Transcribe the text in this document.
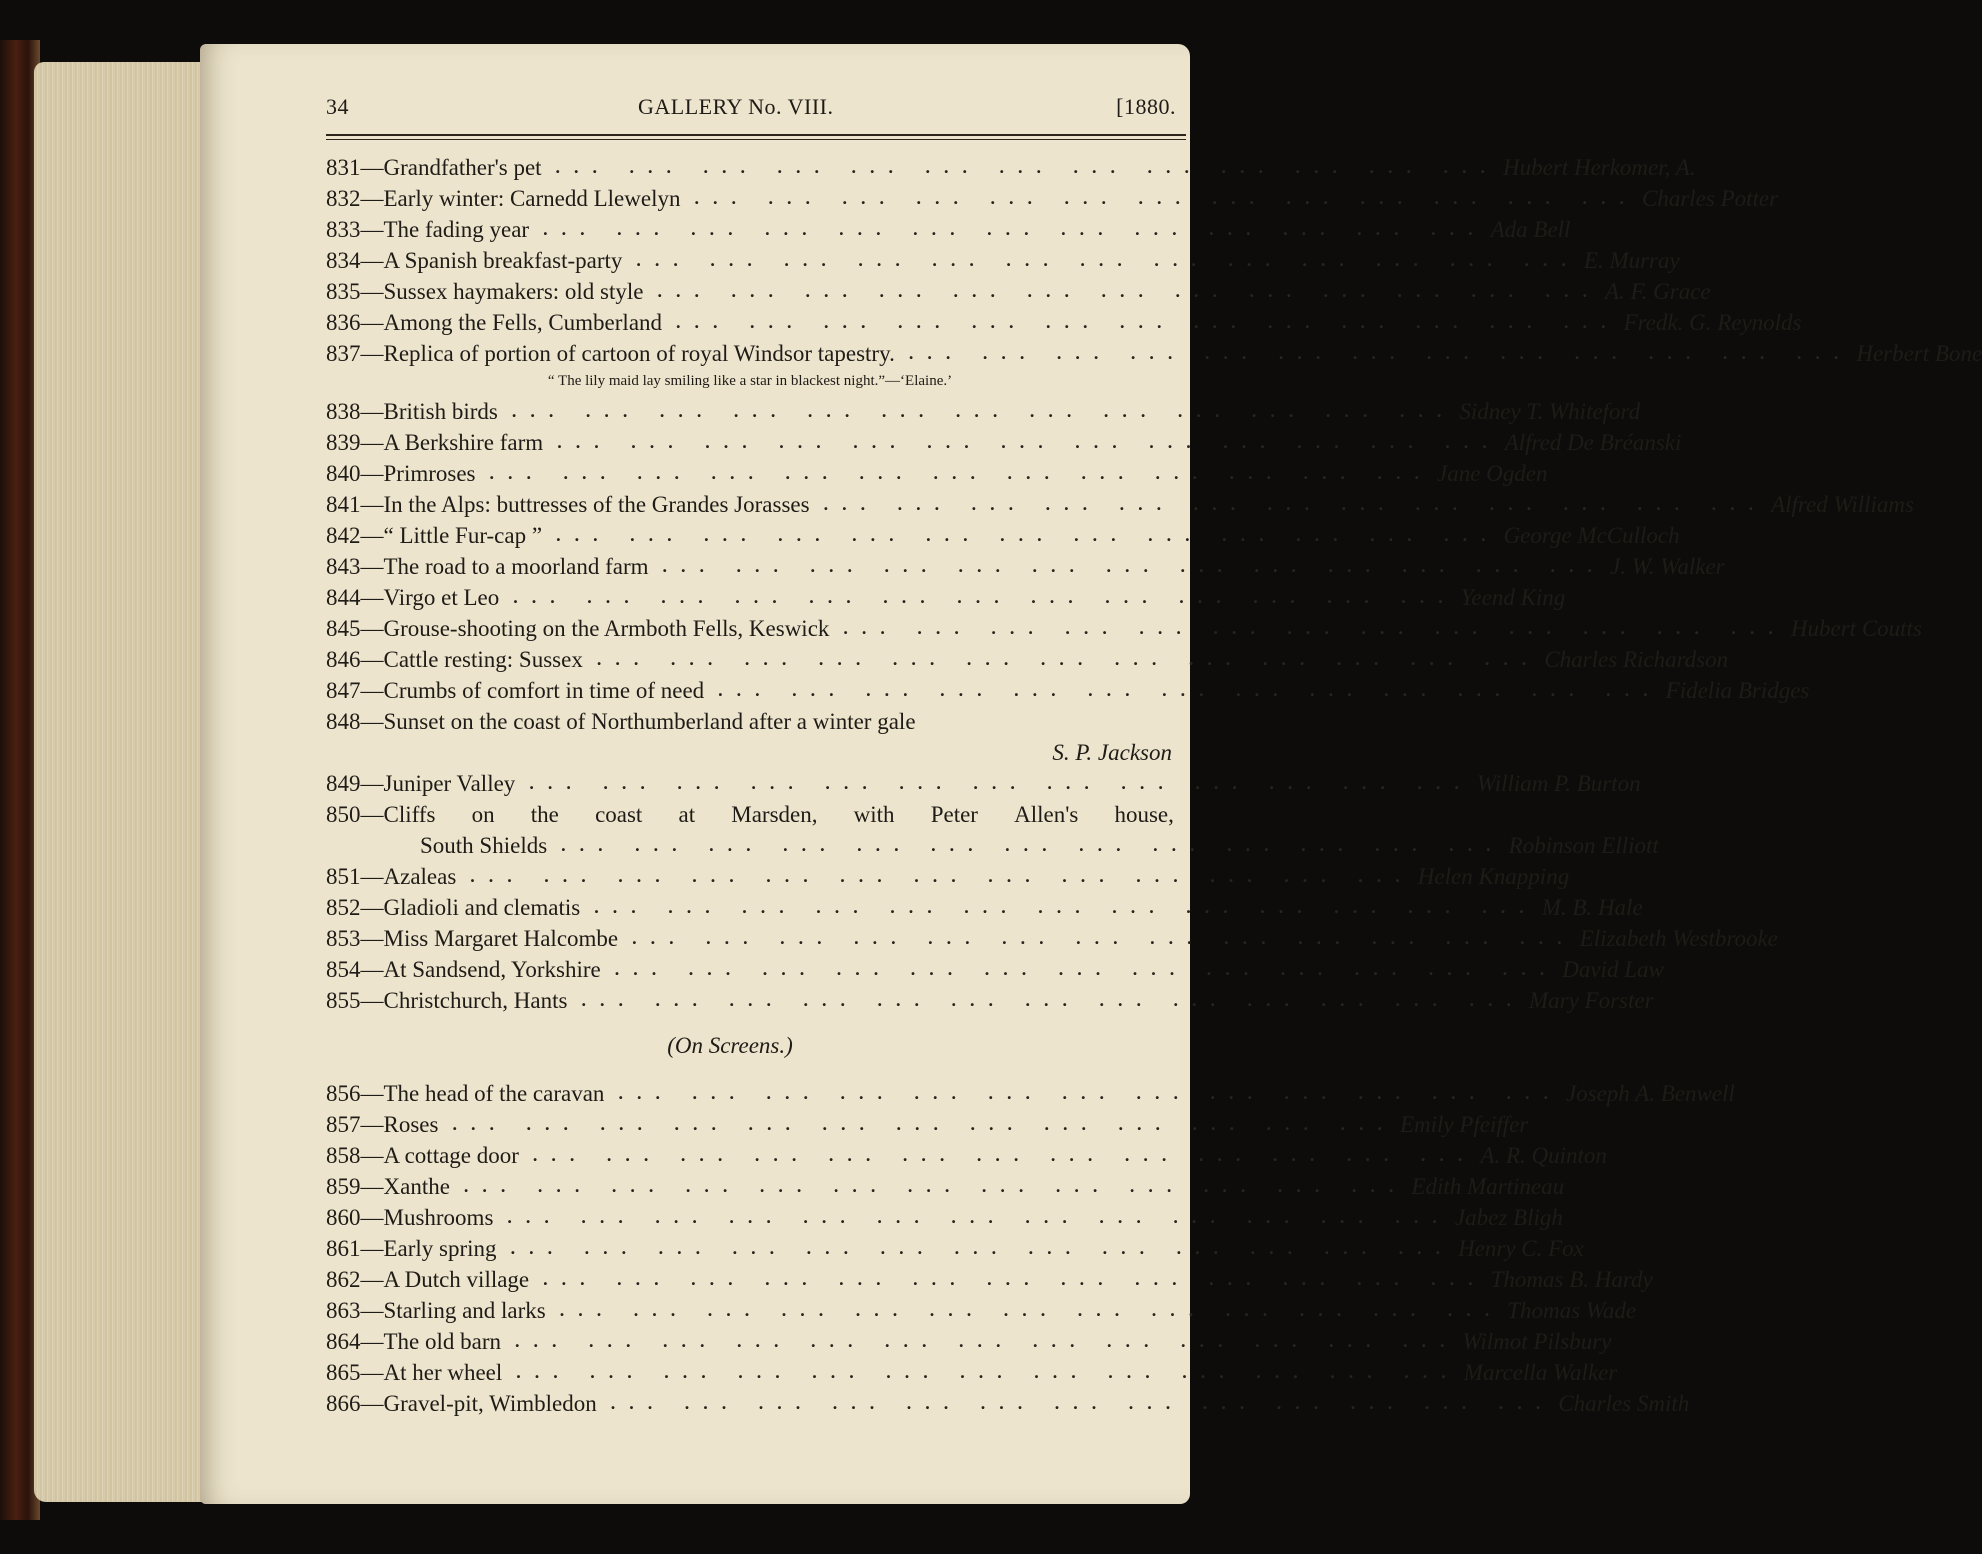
34	GALLERY No. VIII.	[1880.
831—Grandfather's pet ... ... ... ... ... ... ... ... ... ... ... ... ... Hubert Herkomer, A.
832—Early winter: Carnedd Llewelyn ... ... ... ... ... ... ... ... ... ... ... ... ... Charles Potter
833—The fading year ... ... ... ... ... ... ... ... ... ... ... ... ... Ada Bell
834—A Spanish breakfast-party ... ... ... ... ... ... ... ... ... ... ... ... ... E. Murray
835—Sussex haymakers: old style ... ... ... ... ... ... ... ... ... ... ... ... ... A. F. Grace
836—Among the Fells, Cumberland ... ... ... ... ... ... ... ... ... ... ... ... ... Fredk. G. Reynolds
837—Replica of portion of cartoon of royal Windsor tapestry. ... ... ... ... ... ... ... ... ... ... ... ... ... Herbert Bone
“ The lily maid lay smiling like a star in blackest night.”—‘Elaine.’
838—British birds ... ... ... ... ... ... ... ... ... ... ... ... ... Sidney T. Whiteford
839—A Berkshire farm ... ... ... ... ... ... ... ... ... ... ... ... ... Alfred De Bréanski
840—Primroses ... ... ... ... ... ... ... ... ... ... ... ... ... Jane Ogden
841—In the Alps: buttresses of the Grandes Jorasses ... ... ... ... ... ... ... ... ... ... ... ... ... Alfred Williams
842—“ Little Fur-cap ” ... ... ... ... ... ... ... ... ... ... ... ... ... George McCulloch
843—The road to a moorland farm ... ... ... ... ... ... ... ... ... ... ... ... ... J. W. Walker
844—Virgo et Leo ... ... ... ... ... ... ... ... ... ... ... ... ... Yeend King
845—Grouse-shooting on the Armboth Fells, Keswick ... ... ... ... ... ... ... ... ... ... ... ... ... Hubert Coutts
846—Cattle resting: Sussex ... ... ... ... ... ... ... ... ... ... ... ... ... Charles Richardson
847—Crumbs of comfort in time of need ... ... ... ... ... ... ... ... ... ... ... ... ... Fidelia Bridges
848—Sunset on the coast of Northumberland after a winter gale
S. P. Jackson
849—Juniper Valley ... ... ... ... ... ... ... ... ... ... ... ... ... William P. Burton
850—Cliffs on the coast at Marsden, with Peter Allen's house,
South Shields ... ... ... ... ... ... ... ... ... ... ... ... ... Robinson Elliott
851—Azaleas ... ... ... ... ... ... ... ... ... ... ... ... ... Helen Knapping
852—Gladioli and clematis ... ... ... ... ... ... ... ... ... ... ... ... ... M. B. Hale
853—Miss Margaret Halcombe ... ... ... ... ... ... ... ... ... ... ... ... ... Elizabeth Westbrooke
854—At Sandsend, Yorkshire ... ... ... ... ... ... ... ... ... ... ... ... ... David Law
855—Christchurch, Hants ... ... ... ... ... ... ... ... ... ... ... ... ... Mary Forster
(On Screens.)
856—The head of the caravan ... ... ... ... ... ... ... ... ... ... ... ... ... Joseph A. Benwell
857—Roses ... ... ... ... ... ... ... ... ... ... ... ... ... Emily Pfeiffer
858—A cottage door ... ... ... ... ... ... ... ... ... ... ... ... ... A. R. Quinton
859—Xanthe ... ... ... ... ... ... ... ... ... ... ... ... ... Edith Martineau
860—Mushrooms ... ... ... ... ... ... ... ... ... ... ... ... ... Jabez Bligh
861—Early spring ... ... ... ... ... ... ... ... ... ... ... ... ... Henry C. Fox
862—A Dutch village ... ... ... ... ... ... ... ... ... ... ... ... ... Thomas B. Hardy
863—Starling and larks ... ... ... ... ... ... ... ... ... ... ... ... ... Thomas Wade
864—The old barn ... ... ... ... ... ... ... ... ... ... ... ... ... Wilmot Pilsbury
865—At her wheel ... ... ... ... ... ... ... ... ... ... ... ... ... Marcella Walker
866—Gravel-pit, Wimbledon ... ... ... ... ... ... ... ... ... ... ... ... ... Charles Smith
